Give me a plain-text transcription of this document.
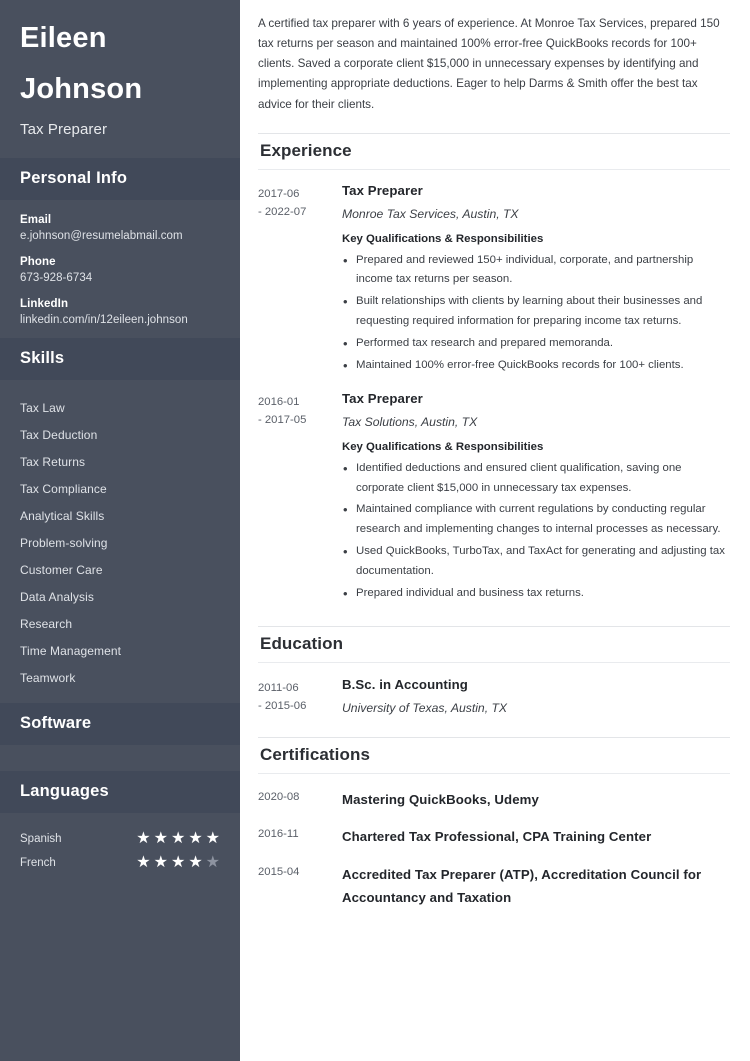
Eileen
Johnson
Tax Preparer
Personal Info
Email
e.johnson@resumelabmail.com
Phone
673-928-6734
LinkedIn
linkedin.com/in/12eileen.johnson
Skills
Tax Law
Tax Deduction
Tax Returns
Tax Compliance
Analytical Skills
Problem-solving
Customer Care
Data Analysis
Research
Time Management
Teamwork
Software
Languages
Spanish	★ ★ ★ ★ ★
French	★ ★ ★ ★ ★

A certified tax preparer with 6 years of experience. At Monroe Tax Services, prepared 150 tax returns per season and maintained 100% error-free QuickBooks records for 100+ clients. Saved a corporate client $15,000 in unnecessary expenses by identifying and implementing appropriate deductions. Eager to help Darms & Smith offer the best tax advice for their clients.

Experience
2017-06
- 2022-07
Tax Preparer
Monroe Tax Services, Austin, TX
Key Qualifications & Responsibilities
• Prepared and reviewed 150+ individual, corporate, and partnership income tax returns per season.
• Built relationships with clients by learning about their businesses and requesting required information for preparing income tax returns.
• Performed tax research and prepared memoranda.
• Maintained 100% error-free QuickBooks records for 100+ clients.
2016-01
- 2017-05
Tax Preparer
Tax Solutions, Austin, TX
Key Qualifications & Responsibilities
• Identified deductions and ensured client qualification, saving one corporate client $15,000 in unnecessary tax expenses.
• Maintained compliance with current regulations by conducting regular research and implementing changes to internal processes as necessary.
• Used QuickBooks, TurboTax, and TaxAct for generating and adjusting tax documentation.
• Prepared individual and business tax returns.
Education
2011-06
- 2015-06
B.Sc. in Accounting
University of Texas, Austin, TX
Certifications
2020-08	Mastering QuickBooks, Udemy
2016-11	Chartered Tax Professional, CPA Training Center
2015-04	Accredited Tax Preparer (ATP), Accreditation Council for Accountancy and Taxation
